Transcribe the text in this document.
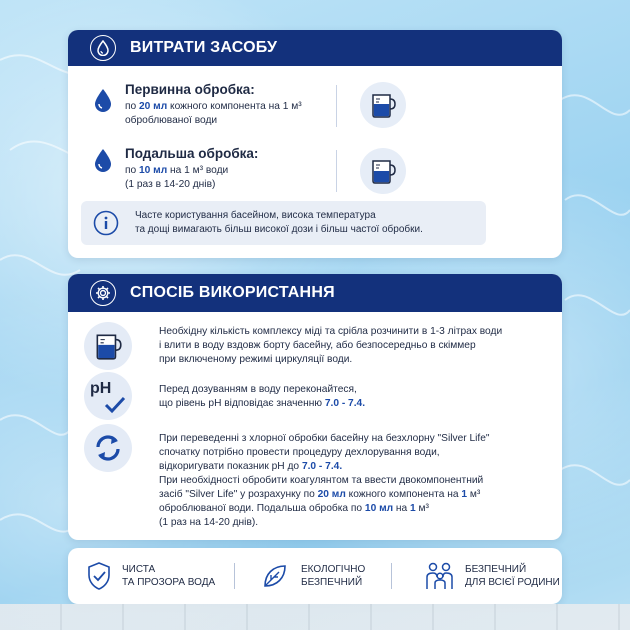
ВИТРАТИ ЗАСОБУ
Первинна обробка:
по 20 мл кожного компонента на 1 м³
оброблюваної води
Подальша обробка:
по 10 мл на 1 м³ води
(1 раз в 14-20 днів)
Часте користування басейном, висока температура
та дощі вимагають більш високої дози і більш частої обробки.
СПОСІБ ВИКОРИСТАННЯ
Необхідну кількість комплексу міді та срібла розчинити в 1-3 літрах води
і влити в воду вздовж борту басейну, або безпосередньо в скіммер
при включеному режимі циркуляції води.
pH	Перед дозуванням в воду переконайтеся,
що рівень pH відповідає значенню 7.0 - 7.4.
При переведенні з хлорної обробки басейну на безхлорну "Silver Life"
спочатку потрібно провести процедуру дехлорування води,
відкоригувати показник pH до 7.0 - 7.4.
При необхідності обробити коагулянтом та ввести двокомпонентний
засіб "Silver Life" у розрахунку по 20 мл кожного компонента на 1 м³
оброблюваної води. Подальша обробка по 10 мл на 1 м³
(1 раз на 14-20 днів).
ЧИСТА
ТА ПРОЗОРА ВОДА
ЕКОЛОГІЧНО
БЕЗПЕЧНИЙ
БЕЗПЕЧНИЙ
ДЛЯ ВСІЄЇ РОДИНИ
